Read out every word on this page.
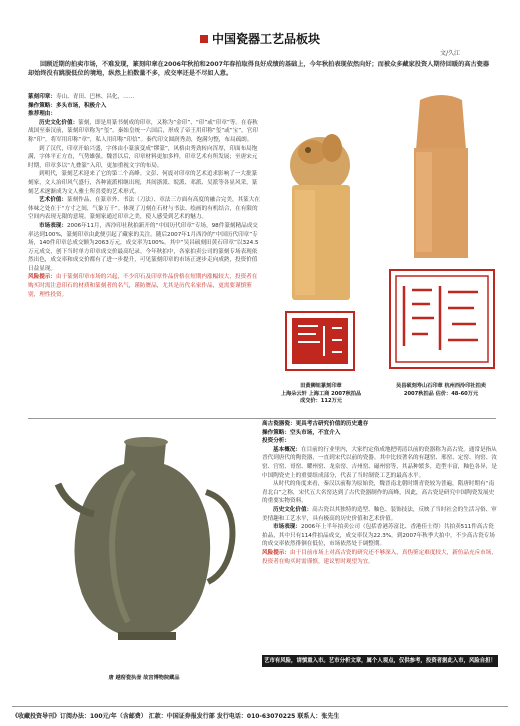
中国瓷器工艺品板块
文/久江
回顾近期的拍卖市场，不难发现，篆刻印章在2006年秋拍和2007年春拍取得良好成绩的基础上，今年秋拍表现依然向好；而被众多藏家投资人期待回暖的高古瓷器却始终没有跳脱低位的境地，纵然上拍数量不多，成交率还是不尽如人意。

篆刻印章：寿山、青田、巴林、昌化，……

操作策略：多头市场，积极介入

推荐理由：

历史文化价值：篆刻，即是用篆书刻成的印章，又称为“金印”、“印”或“印章”等。在春秋战国至秦汉前，篆刻印章称为“玺”。秦始皇统一六国后，形成了帝王用印称“玺”或“宝”，官印称“印”，将军用印称“章”，私人用印称“印信”。秦代印文圆润秀劲，饱满匀整，布局疏朗。

到了汉代，印章开始兴盛，字体由小篆演变成“缪篆”，风格由秀劲转向浑厚，印面布局饱满，字体平正方直，气势雄强。魏晋以后，印章材料更加多样，印章艺术有所发展；至唐宋元时期，印章多以“九叠篆”入印，更加重视文字的布局。

到明代，篆刻艺术迎来了它的第二个高峰。文彭、何震对印章的艺术追求影响了一大批篆刻家，文人治印风气盛行，各种流派相继出现，其间浙派、皖派、邓派、吴派等各显风采，篆刻艺术逐渐成为文人雅士所喜爱的艺术形式。

艺术价值：篆刻作品，在篆章外、书法（刀法）、章法三方面有高度的融合完美，其篆大在体味之处在于“方寸之间，气象万千”。体现了刀刻在石材与书法、绘画的有机结合，在有限的空间内表现无限的意境。篆刻家通过印章之美，使人感受到艺术的魅力。

市场表现：2006年11月，西泠印社秋拍新开的“中国历代印章”专场，98件篆刻精品成交率达到100%，篆刻印章由此便引起了藏家的关注。随后2007年1月西泠的“中国历代印章”专场，140件印章总成交额为2063万元，成交率为100%。其中“吴昌硕刻田黄石印章”以324.5万元成交，创下当时单方印章成交价最高纪录。今年秋拍中，各家拍卖公司的篆刻专场表现依然出色，成交率和成交价都有了进一步提升，可见篆刻印章的市场正逐步走向成熟，投资价值日益显现。

风险提示：由于篆刻印章市场的兴起，不少印石及印章作品价格在短期内涨幅较大，投资者在购买时需注意印石的材质和篆刻者的名气，谨防赝品，尤其是历代名家作品，更需要谨慎鉴别，理性投资。

田黄狮钮篆刻印章
上海朵云轩 上海工商 2007秋拍品
成交价：112万元
吴昌硕刻寿山石印章 杭州西泠印社拍卖
2007秋拍品 估价：48-60万元
唐 越窑瓷执壶 故宫博物院藏品

高古瓷器瓷：更具考古研究价值的历史遗存

操作策略：空头市场，不宜介入

投资分析：

基本概况：在目前的行业里内，大家约定俗成地把明清以前的瓷器称为高古瓷。通常是指从晋代到唐代的陶瓷器，一直到宋代以前的瓷器。其中比较著名的有越窑、邢窑、定窑、钧窑、汝窑、官窑、哥窑、耀州窑、龙泉窑、吉州窑、磁州窑等，其品种繁多，造型丰富，釉色各异，是中国陶瓷史上的重要组成部分，代表了当时制瓷工艺的最高水平。

从时代的角度来看，秦汉以前称为原始瓷，魏晋南北朝时期青瓷较为普遍，隋唐时期有“南青北白”之称，宋代五大名窑达到了古代瓷器制作的高峰，因此，高古瓷是研究中国陶瓷发展史的重要实物资料。

历史文化价值：高古瓷以其独特的造型、釉色、装饰技法，反映了当时社会的生活习俗、审美情趣和工艺水平，具有极高的历史价值和艺术价值。

市场表现：2006年上半年拍卖公司（包括香港苏富比、香港佳士得）共拍卖511件高古瓷拍品，其中只有114件拍品成交，成交率仅为22.3%。到2007年秋季大拍中，不少高古瓷专场的成交率依然徘徊在低位，市场依然处于调整期。

风险提示：由于目前市场上对高古瓷的研究还不够深入，真伪鉴定难度较大，新仿品充斥市场，投资者在购买时需谨慎，建议暂时观望为宜。

艺市有风险，请慎重入市。艺市分析文章，属个人观点，仅供参考，投资者据此入市，风险自担！
《收藏投资导刊》订阅办法：100元/年（含邮费） 汇款：中国证券报发行部 发行电话：010-63070225 联系人：张先生
